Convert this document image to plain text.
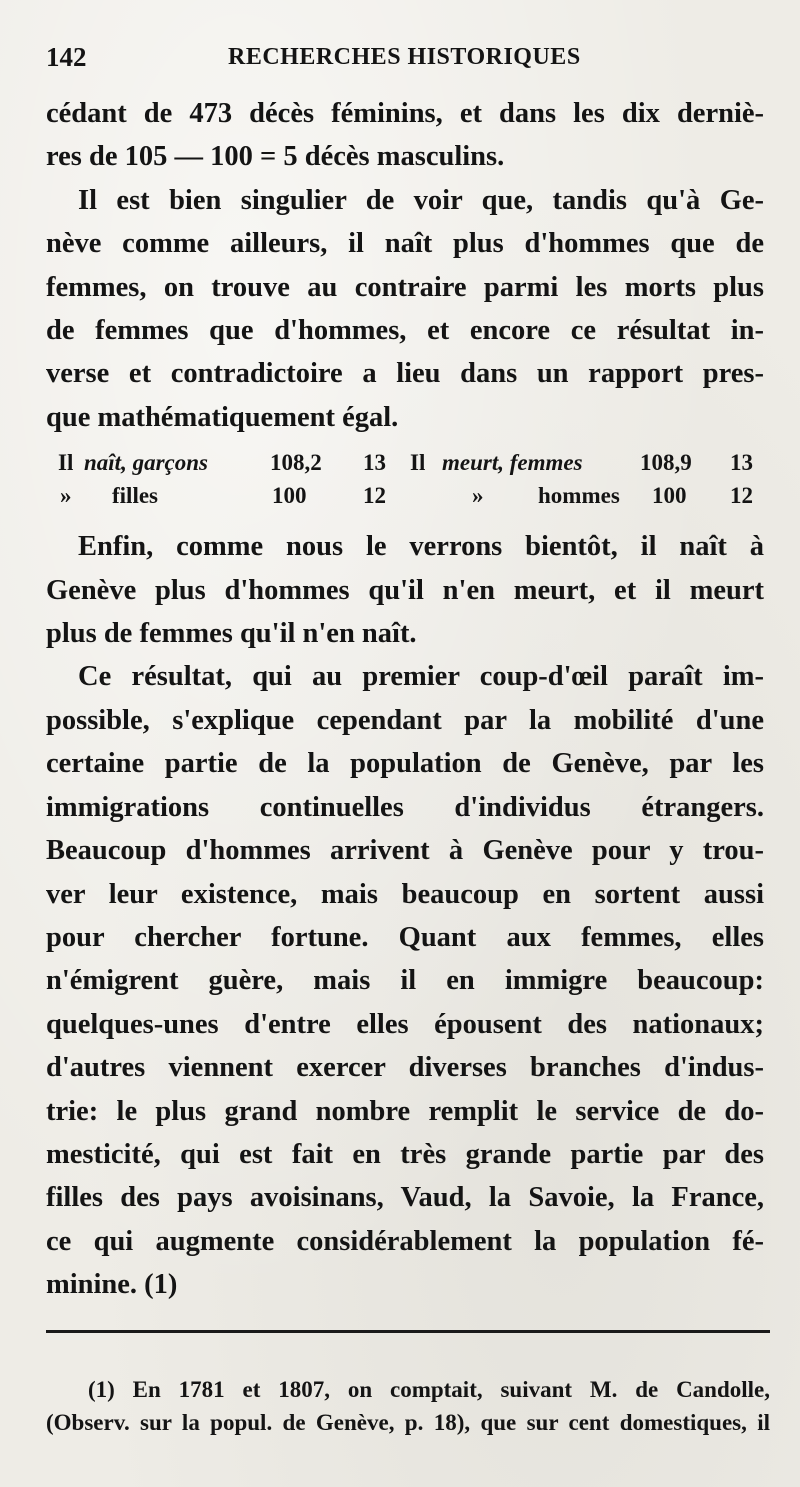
142	RECHERCHES HISTORIQUES
cédant de 473 décès féminins, et dans les dix derniè-
res de 105 — 100 = 5 décès masculins.
Il est bien singulier de voir que, tandis qu'à Ge-
nève comme ailleurs, il naît plus d'hommes que de
femmes, on trouve au contraire parmi les morts plus
de femmes que d'hommes, et encore ce résultat in-
verse et contradictoire a lieu dans un rapport pres-
que mathématiquement égal.
Enfin, comme nous le verrons bientôt, il naît à
Genève plus d'hommes qu'il n'en meurt, et il meurt
plus de femmes qu'il n'en naît.
Ce résultat, qui au premier coup-d'œil paraît im-
possible, s'explique cependant par la mobilité d'une
certaine partie de la population de Genève, par les
immigrations continuelles d'individus étrangers.
Beaucoup d'hommes arrivent à Genève pour y trou-
ver leur existence, mais beaucoup en sortent aussi
pour chercher fortune. Quant aux femmes, elles
n'émigrent guère, mais il en immigre beaucoup:
quelques-unes d'entre elles épousent des nationaux;
d'autres viennent exercer diverses branches d'indus-
trie: le plus grand nombre remplit le service de do-
mesticité, qui est fait en très grande partie par des
filles des pays avoisinans, Vaud, la Savoie, la France,
ce qui augmente considérablement la population fé-
minine. (1)
Il naît, garçons	108,2 13 Il meurt, femmes 108,9 13
» filles	100 12	» hommes 100 12
(1) En 1781 et 1807, on comptait, suivant M. de Candolle,
(Observ. sur la popul. de Genève, p. 18), que sur cent domestiques, il
